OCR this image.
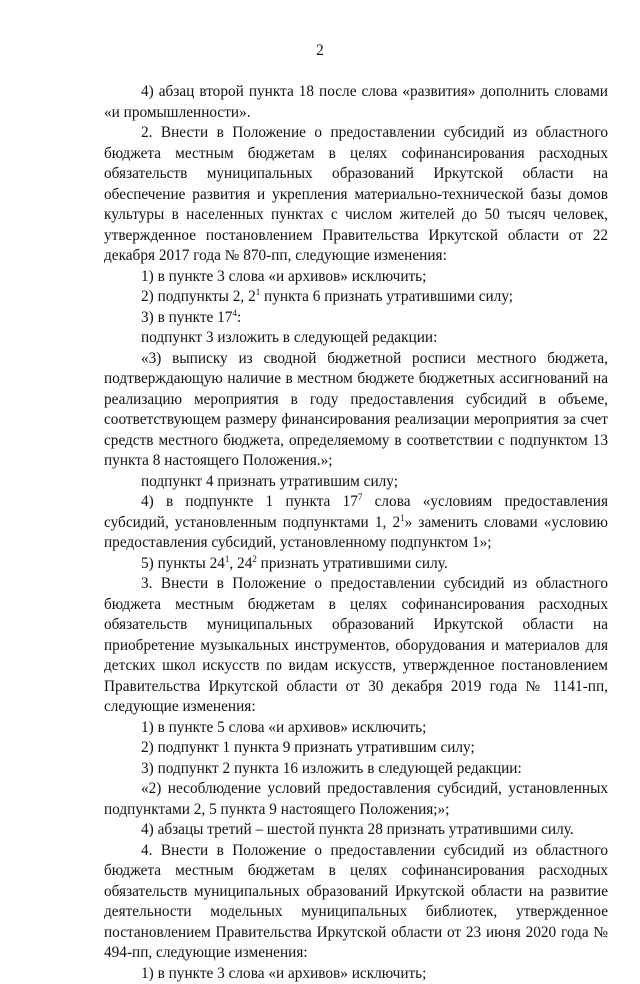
2

4) абзац второй пункта 18 после слова «развития» дополнить словами «и промышленности».

2. Внести в Положение о предоставлении субсидий из областного бюджета местным бюджетам в целях софинансирования расходных обязательств муниципальных образований Иркутской области на обеспечение развития и укрепления материально-технической базы домов культуры в населенных пунктах с числом жителей до 50 тысяч человек, утвержденное постановлением Правительства Иркутской области от 22 декабря 2017 года № 870-пп, следующие изменения:

1) в пункте 3 слова «и архивов» исключить;

2) подпункты 2, $2^1$ пункта 6 признать утратившими силу;

3) в пункте $17^4$:

подпункт 3 изложить в следующей редакции:

«3) выписку из сводной бюджетной росписи местного бюджета, подтверждающую наличие в местном бюджете бюджетных ассигнований на реализацию мероприятия в году предоставления субсидий в объеме, соответствующем размеру финансирования реализации мероприятия за счет средств местного бюджета, определяемому в соответствии с подпунктом 13 пункта 8 настоящего Положения.»;

подпункт 4 признать утратившим силу;

4) в подпункте 1 пункта $17^7$ слова «условиям предоставления субсидий, установленным подпунктами 1, $2^1$» заменить словами «условию предоставления субсидий, установленному подпунктом 1»;

5) пункты $24^1$, $24^2$ признать утратившими силу.

3. Внести в Положение о предоставлении субсидий из областного бюджета местным бюджетам в целях софинансирования расходных обязательств муниципальных образований Иркутской области на приобретение музыкальных инструментов, оборудования и материалов для детских школ искусств по видам искусств, утвержденное постановлением Правительства Иркутской области от 30 декабря 2019 года № 1141-пп, следующие изменения:

1) в пункте 5 слова «и архивов» исключить;

2) подпункт 1 пункта 9 признать утратившим силу;

3) подпункт 2 пункта 16 изложить в следующей редакции:

«2) несоблюдение условий предоставления субсидий, установленных подпунктами 2, 5 пункта 9 настоящего Положения;»;

4) абзацы третий – шестой пункта 28 признать утратившими силу.

4. Внести в Положение о предоставлении субсидий из областного бюджета местным бюджетам в целях софинансирования расходных обязательств муниципальных образований Иркутской области на развитие деятельности модельных муниципальных библиотек, утвержденное постановлением Правительства Иркутской области от 23 июня 2020 года № 494-пп, следующие изменения:

1) в пункте 3 слова «и архивов» исключить;
